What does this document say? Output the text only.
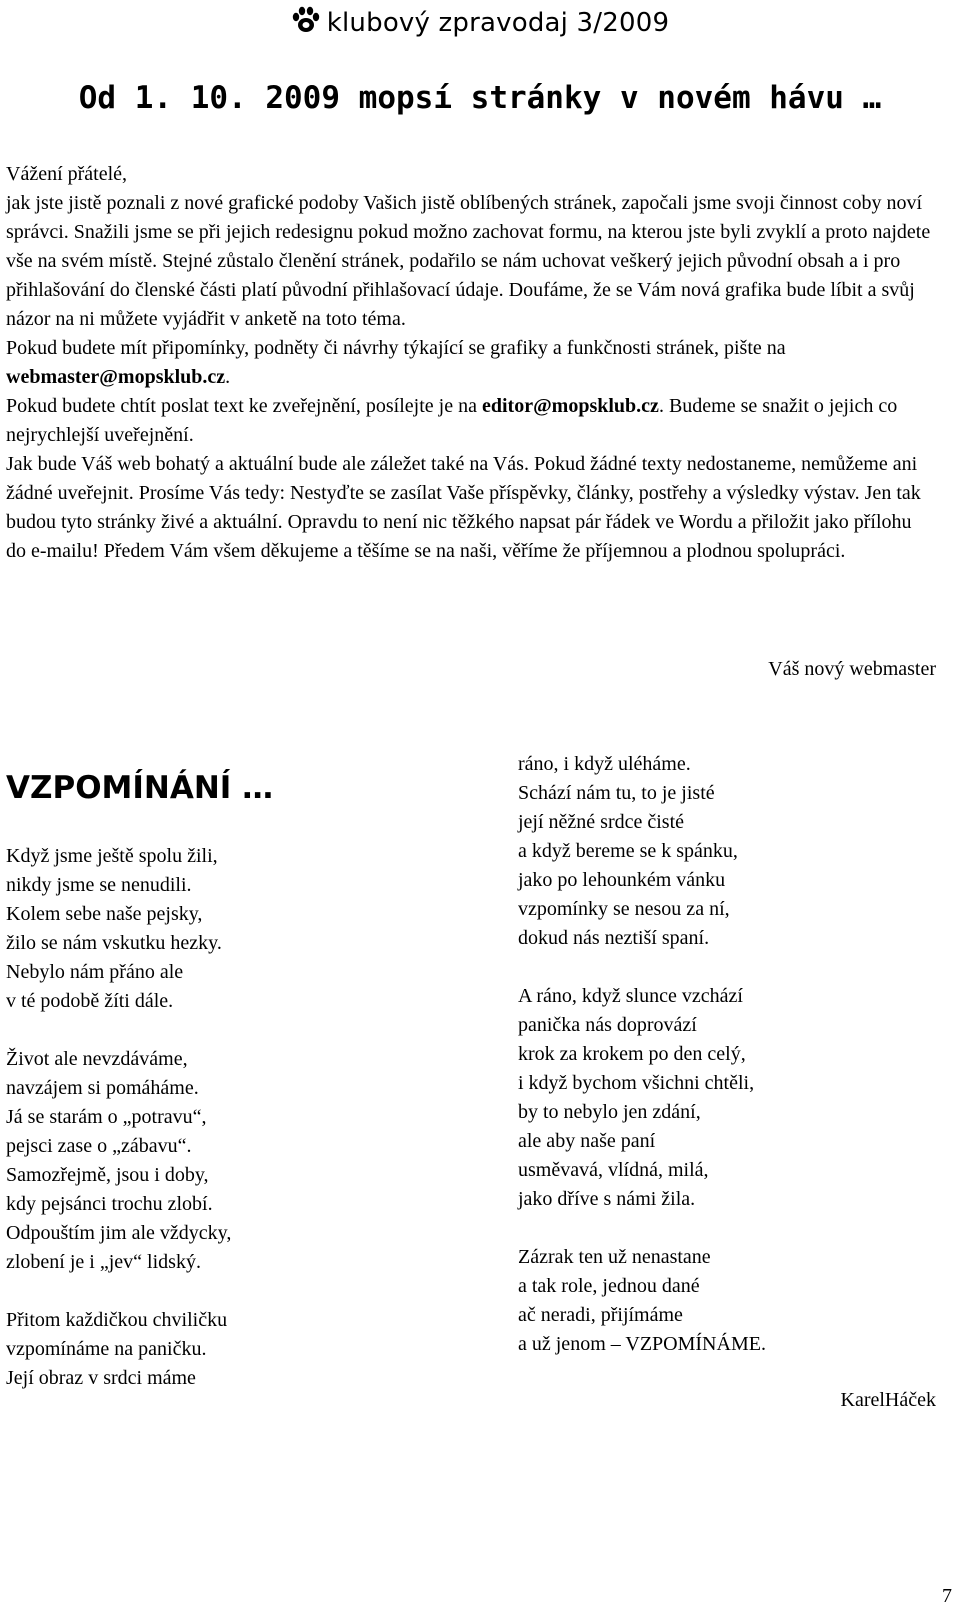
klubový zpravodaj 3/2009
Od 1. 10. 2009 mopsí stránky v novém hávu …

Vážení přátelé,

jak jste jistě poznali z nové grafické podoby Vašich jistě oblíbených stránek, započali jsme svoji činnost coby noví správci. Snažili jsme se při jejich redesignu pokud možno zachovat formu, na kterou jste byli zvyklí a proto najdete vše na svém místě. Stejné zůstalo členění stránek, podařilo se nám uchovat veškerý jejich původní obsah a i pro přihlašování do členské části platí původní přihlašovací údaje. Doufáme, že se Vám nová grafika bude líbit a svůj názor na ni můžete vyjádřit v anketě na toto téma.

Pokud budete mít připomínky, podněty či návrhy týkající se grafiky a funkčnosti stránek, pište na webmaster@mopsklub.cz.

Pokud budete chtít poslat text ke zveřejnění, posílejte je na editor@mopsklub.cz. Budeme se snažit o jejich co nejrychlejší uveřejnění.

Jak bude Váš web bohatý a aktuální bude ale záležet také na Vás. Pokud žádné texty nedostaneme, nemůžeme ani žádné uveřejnit. Prosíme Vás tedy: Nestyďte se zasílat Vaše příspěvky, články, postřehy a výsledky výstav. Jen tak budou tyto stránky živé a aktuální. Opravdu to není nic těžkého napsat pár řádek ve Wordu a přiložit jako přílohu do e-mailu! Předem Vám všem děkujeme a těšíme se na naši, věříme že příjemnou a plodnou spolupráci.

Váš nový webmaster
VZPOMÍNÁNÍ …
Když jsme ještě spolu žili,
nikdy jsme se nenudili.
Kolem sebe naše pejsky,
žilo se nám vskutku hezky.
Nebylo nám přáno ale
v té podobě žíti dále.
Život ale nevzdáváme,
navzájem si pomáháme.
Já se starám o „potravu“,
pejsci zase o „zábavu“.
Samozřejmě, jsou i doby,
kdy pejsánci trochu zlobí.
Odpouštím jim ale vždycky,
zlobení je i „jev“ lidský.
Přitom každičkou chviličku
vzpomínáme na paničku.
Její obraz v srdci máme
ráno, i když uléháme.
Schází nám tu, to je jisté
její něžné srdce čisté
a když bereme se k spánku,
jako po lehounkém vánku
vzpomínky se nesou za ní,
dokud nás neztiší spaní.
A ráno, když slunce vzchází
panička nás doprovází
krok za krokem po den celý,
i když bychom všichni chtěli,
by to nebylo jen zdání,
ale aby naše paní
usměvavá, vlídná, milá,
jako dříve s námi žila.
Zázrak ten už nenastane
a tak role, jednou dané
ač neradi, přijímáme
a už jenom – VZPOMÍNÁME.
KarelHáček
7
